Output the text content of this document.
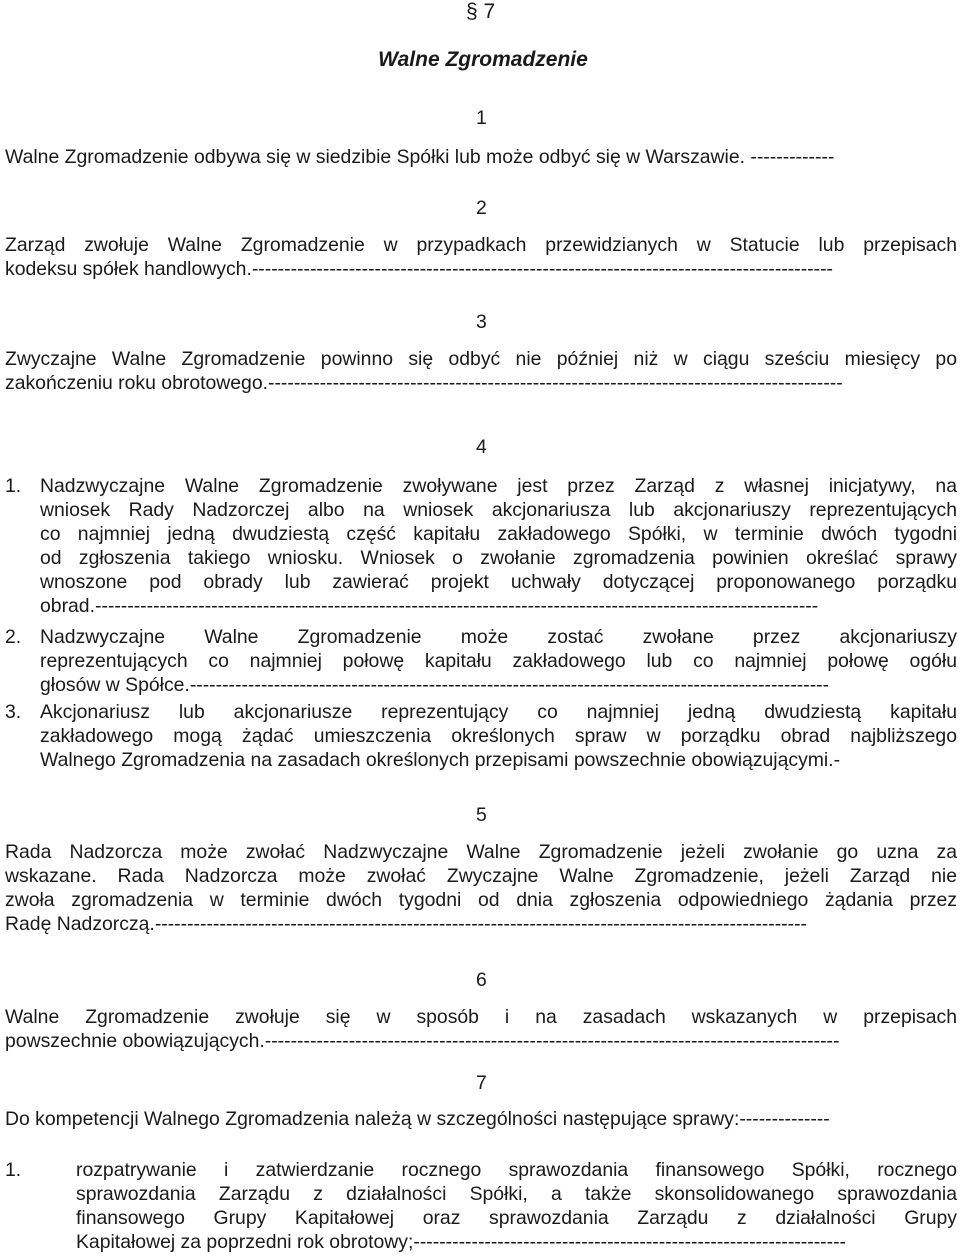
§ 7
Walne Zgromadzenie
1
Walne Zgromadzenie odbywa się w siedzibie Spółki lub może odbyć się w Warszawie. -------------
2
Zarząd zwołuje Walne Zgromadzenie w przypadkach przewidzianych w Statucie lub przepisach
kodeksu spółek handlowych.------------------------------------------------------------------------------------------
3
Zwyczajne Walne Zgromadzenie powinno się odbyć nie później niż w ciągu sześciu miesięcy po
zakończeniu roku obrotowego.-----------------------------------------------------------------------------------------
4
1. Nadzwyczajne Walne Zgromadzenie zwoływane jest przez Zarząd z własnej inicjatywy, na
wniosek Rady Nadzorczej albo na wniosek akcjonariusza lub akcjonariuszy reprezentujących
co najmniej jedną dwudziestą część kapitału zakładowego Spółki, w terminie dwóch tygodni
od zgłoszenia takiego wniosku. Wniosek o zwołanie zgromadzenia powinien określać sprawy
wnoszone pod obrady lub zawierać projekt uchwały dotyczącej proponowanego porządku
obrad.----------------------------------------------------------------------------------------------------------------
2. Nadzwyczajne Walne Zgromadzenie może zostać zwołane przez akcjonariuszy
reprezentujących co najmniej połowę kapitału zakładowego lub co najmniej połowę ogółu
głosów w Spółce.---------------------------------------------------------------------------------------------------
3. Akcjonariusz lub akcjonariusze reprezentujący co najmniej jedną dwudziestą kapitału
zakładowego mogą żądać umieszczenia określonych spraw w porządku obrad najbliższego
Walnego Zgromadzenia na zasadach określonych przepisami powszechnie obowiązującymi.-
5
Rada Nadzorcza może zwołać Nadzwyczajne Walne Zgromadzenie jeżeli zwołanie go uzna za
wskazane. Rada Nadzorcza może zwołać Zwyczajne Walne Zgromadzenie, jeżeli Zarząd nie
zwoła zgromadzenia w terminie dwóch tygodni od dnia zgłoszenia odpowiedniego żądania przez
Radę Nadzorczą.-----------------------------------------------------------------------------------------------------
6
Walne Zgromadzenie zwołuje się w sposób i na zasadach wskazanych w przepisach
powszechnie obowiązujących.-----------------------------------------------------------------------------------------
7
Do kompetencji Walnego Zgromadzenia należą w szczególności następujące sprawy:--------------
1.	rozpatrywanie i zatwierdzanie rocznego sprawozdania finansowego Spółki, rocznego
sprawozdania Zarządu z działalności Spółki, a także skonsolidowanego sprawozdania
finansowego Grupy Kapitałowej oraz sprawozdania Zarządu z działalności Grupy
Kapitałowej za poprzedni rok obrotowy;-------------------------------------------------------------------
